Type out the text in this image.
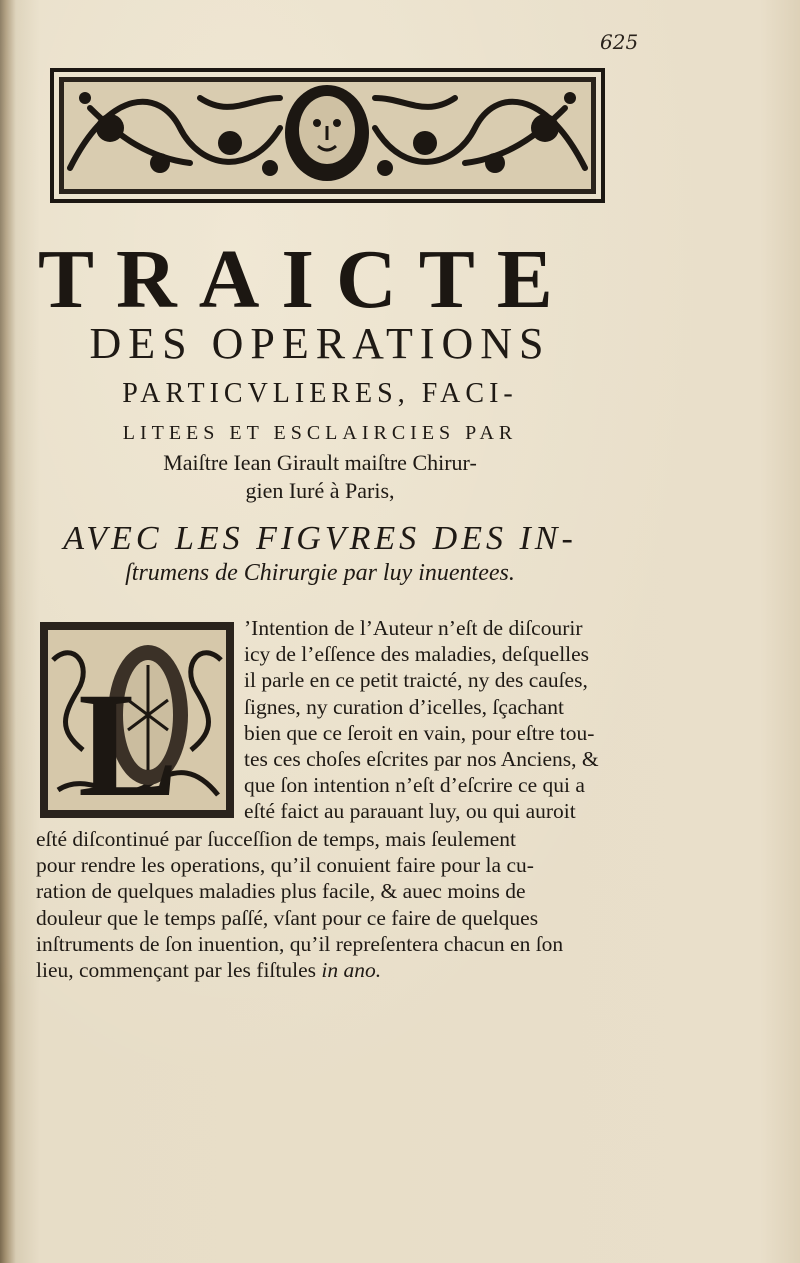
625
TRAICTE
DES OPERATIONS
PARTICVLIERES, FACI-
LITEES ET ESCLAIRCIES PAR
Maiſtre Iean Girault maiſtre Chirur-
gien Iuré à Paris,
AVEC LES FIGVRES DES IN-
ſtrumens de Chirurgie par luy inuentees.
L
’Intention de l’Auteur n’eſt de diſcourir
icy de l’eſſence des maladies, deſquelles
il parle en ce petit traicté, ny des cauſes,
ſignes, ny curation d’icelles, ſçachant
bien que ce ſeroit en vain, pour eſtre tou-
tes ces choſes eſcrites par nos Anciens, &
que ſon intention n’eſt d’eſcrire ce qui a
eſté faict au parauant luy, ou qui auroit
eſté diſcontinué par ſucceſſion de temps, mais ſeulement
pour rendre les operations, qu’il conuient faire pour la cu-
ration de quelques maladies plus facile, & auec moins de
douleur que le temps paſſé, vſant pour ce faire de quelques
inſtruments de ſon inuention, qu’il repreſentera chacun en ſon
lieu, commençant par les fiſtules in ano.
